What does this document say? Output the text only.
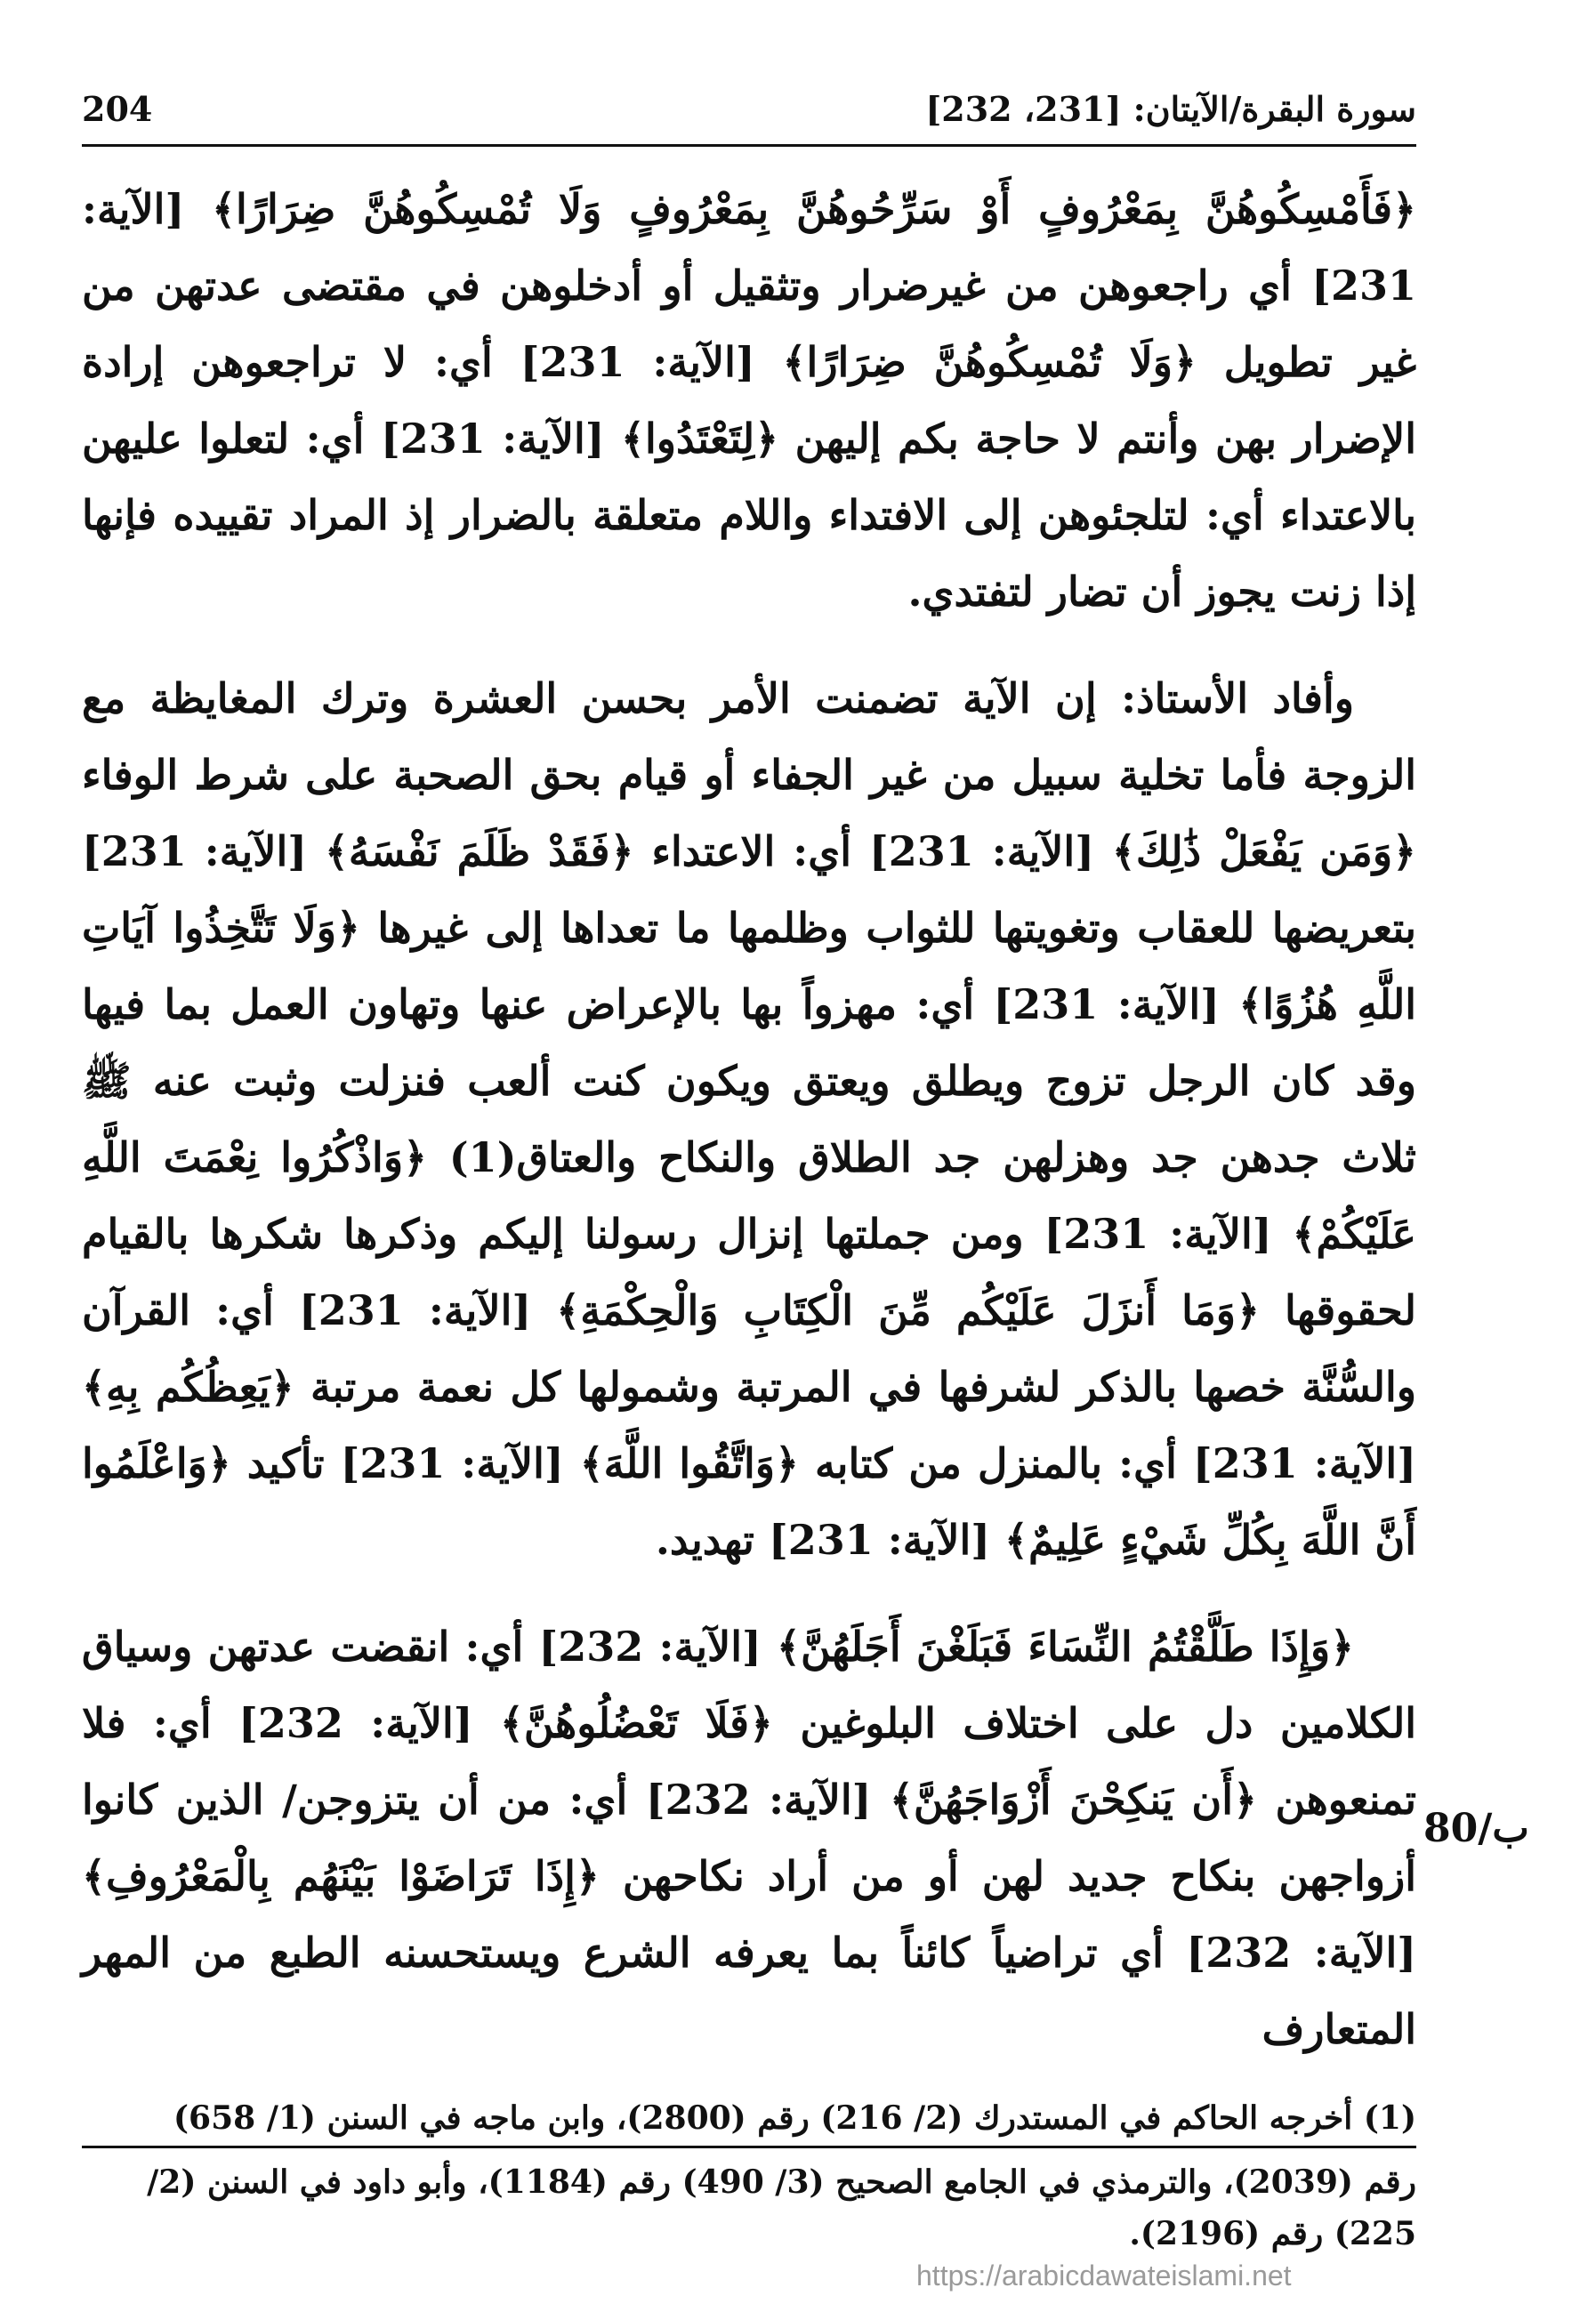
204	سورة البقرة/الآيتان: [231، 232]

﴿فَأَمْسِكُوهُنَّ بِمَعْرُوفٍ أَوْ سَرِّحُوهُنَّ بِمَعْرُوفٍ وَلَا تُمْسِكُوهُنَّ ضِرَارًا﴾ [الآية: 231] أي راجعوهن من غيرضرار وتثقيل أو أدخلوهن في مقتضى عدتهن من غير تطويل ﴿وَلَا تُمْسِكُوهُنَّ ضِرَارًا﴾ [الآية: 231] أي: لا تراجعوهن إرادة الإضرار بهن وأنتم لا حاجة بكم إليهن ﴿لِتَعْتَدُوا﴾ [الآية: 231] أي: لتعلوا عليهن بالاعتداء أي: لتلجئوهن إلى الافتداء واللام متعلقة بالضرار إذ المراد تقييده فإنها إذا زنت يجوز أن تضار لتفتدي.

وأفاد الأستاذ: إن الآية تضمنت الأمر بحسن العشرة وترك المغايظة مع الزوجة فأما تخلية سبيل من غير الجفاء أو قيام بحق الصحبة على شرط الوفاء ﴿وَمَن يَفْعَلْ ذَٰلِكَ﴾ [الآية: 231] أي: الاعتداء ﴿فَقَدْ ظَلَمَ نَفْسَهُ﴾ [الآية: 231] بتعريضها للعقاب وتغويتها للثواب وظلمها ما تعداها إلى غيرها ﴿وَلَا تَتَّخِذُوا آيَاتِ اللَّهِ هُزُوًا﴾ [الآية: 231] أي: مهزواً بها بالإعراض عنها وتهاون العمل بما فيها وقد كان الرجل تزوج ويطلق ويعتق ويكون كنت ألعب فنزلت وثبت عنه ﷺ ثلاث جدهن جد وهزلهن جد الطلاق والنكاح والعتاق(1) ﴿وَاذْكُرُوا نِعْمَتَ اللَّهِ عَلَيْكُمْ﴾ [الآية: 231] ومن جملتها إنزال رسولنا إليكم وذكرها شكرها بالقيام لحقوقها ﴿وَمَا أَنزَلَ عَلَيْكُم مِّنَ الْكِتَابِ وَالْحِكْمَةِ﴾ [الآية: 231] أي: القرآن والسُّنَّة خصها بالذكر لشرفها في المرتبة وشمولها كل نعمة مرتبة ﴿يَعِظُكُم بِهِ﴾ [الآية: 231] أي: بالمنزل من كتابه ﴿وَاتَّقُوا اللَّهَ﴾ [الآية: 231] تأكيد ﴿وَاعْلَمُوا أَنَّ اللَّهَ بِكُلِّ شَيْءٍ عَلِيمٌ﴾ [الآية: 231] تهديد.

﴿وَإِذَا طَلَّقْتُمُ النِّسَاءَ فَبَلَغْنَ أَجَلَهُنَّ﴾ [الآية: 232] أي: انقضت عدتهن وسياق الكلامين دل على اختلاف البلوغين ﴿فَلَا تَعْضُلُوهُنَّ﴾ [الآية: 232] أي: فلا تمنعوهن ﴿أَن يَنكِحْنَ أَزْوَاجَهُنَّ﴾ [الآية: 232] أي: من أن يتزوجن/ الذين كانوا أزواجهن بنكاح جديد لهن أو من أراد نكاحهن ﴿إِذَا تَرَاضَوْا بَيْنَهُم بِالْمَعْرُوفِ﴾ [الآية: 232] أي تراضياً كائناً بما يعرفه الشرع ويستحسنه الطبع من المهر المتعارف

80/ب

(1) أخرجه الحاكم في المستدرك (2/ 216) رقم (2800)، وابن ماجه في السنن (1/ 658)

رقم (2039)، والترمذي في الجامع الصحيح (3/ 490) رقم (1184)، وأبو داود في السنن (2/ 225) رقم (2196).

https://arabicdawateislami.net
